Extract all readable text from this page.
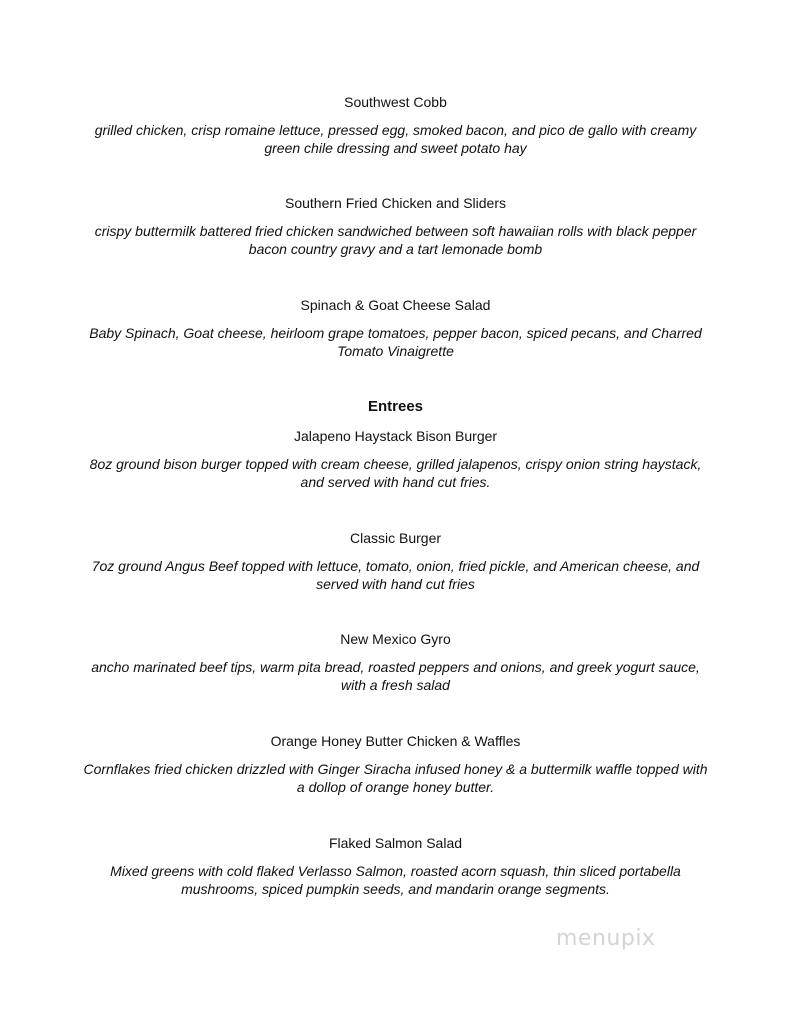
Southwest Cobb

grilled chicken, crisp romaine lettuce, pressed egg, smoked bacon, and pico de gallo with creamy green chile dressing and sweet potato hay

Southern Fried Chicken and Sliders

crispy buttermilk battered fried chicken sandwiched between soft hawaiian rolls with black pepper bacon country gravy and a tart lemonade bomb

Spinach & Goat Cheese Salad

Baby Spinach, Goat cheese, heirloom grape tomatoes, pepper bacon, spiced pecans, and Charred Tomato Vinaigrette

Entrees

Jalapeno Haystack Bison Burger

8oz ground bison burger topped with cream cheese, grilled jalapenos, crispy onion string haystack, and served with hand cut fries.

Classic Burger

7oz ground Angus Beef topped with lettuce, tomato, onion, fried pickle, and American cheese, and served with hand cut fries

New Mexico Gyro

ancho marinated beef tips, warm pita bread, roasted peppers and onions, and greek yogurt sauce, with a fresh salad

Orange Honey Butter Chicken & Waffles

Cornflakes fried chicken drizzled with Ginger Siracha infused honey & a buttermilk waffle topped with a dollop of orange honey butter.

Flaked Salmon Salad

Mixed greens with cold flaked Verlasso Salmon, roasted acorn squash, thin sliced portabella mushrooms, spiced pumpkin seeds, and mandarin orange segments.

menupix
